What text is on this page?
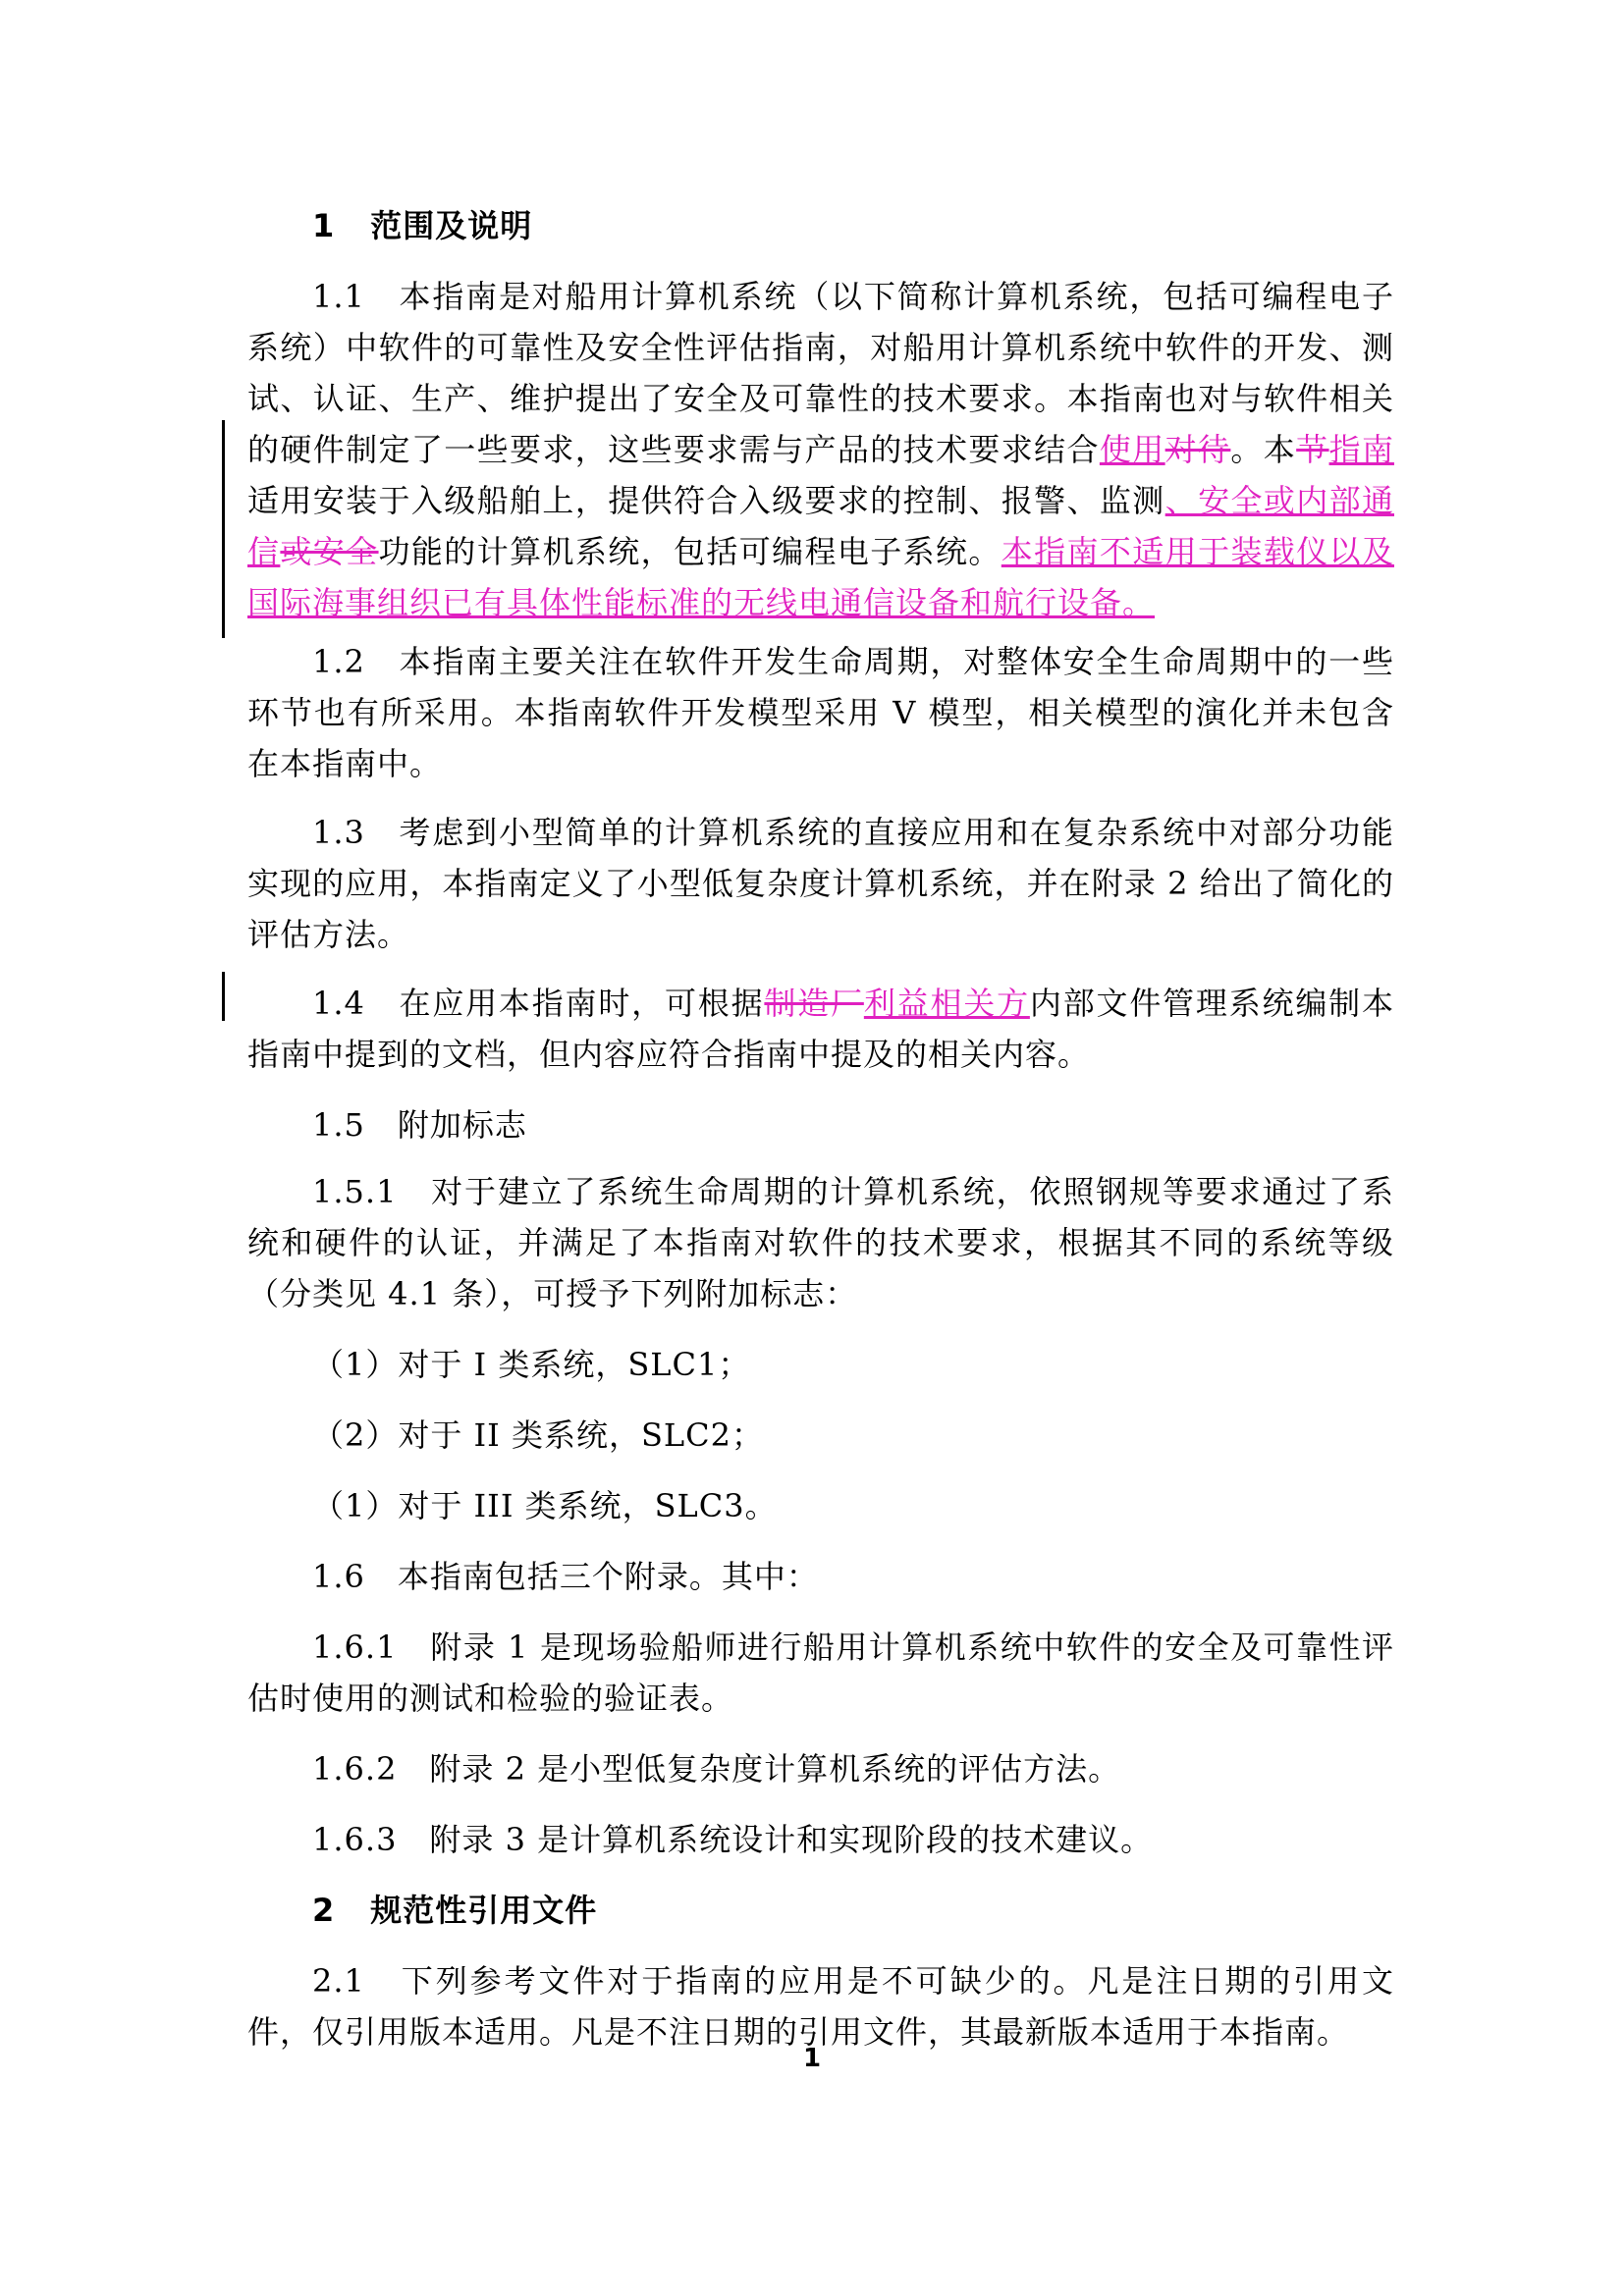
1 范围及说明
1.1　本指南是对船用计算机系统（以下简称计算机系统，包括可编程电子系统）中软件的可靠性及安全性评估指南，对船用计算机系统中软件的开发、测试、认证、生产、维护提出了安全及可靠性的技术要求。本指南也对与软件相关的硬件制定了一些要求，这些要求需与产品的技术要求结合使用对待。本节指南适用安装于入级船舶上，提供符合入级要求的控制、报警、监测、安全或内部通信或安全功能的计算机系统，包括可编程电子系统。本指南不适用于装载仪以及国际海事组织已有具体性能标准的无线电通信设备和航行设备。
1.2　本指南主要关注在软件开发生命周期，对整体安全生命周期中的一些环节也有所采用。本指南软件开发模型采用 V 模型，相关模型的演化并未包含在本指南中。
1.3　考虑到小型简单的计算机系统的直接应用和在复杂系统中对部分功能实现的应用，本指南定义了小型低复杂度计算机系统，并在附录 2 给出了简化的评估方法。
1.4　在应用本指南时，可根据制造厂利益相关方内部文件管理系统编制本指南中提到的文档，但内容应符合指南中提及的相关内容。
1.5　附加标志
1.5.1　对于建立了系统生命周期的计算机系统，依照钢规等要求通过了系统和硬件的认证，并满足了本指南对软件的技术要求，根据其不同的系统等级（分类见 4.1 条），可授予下列附加标志：
（1）对于 I 类系统，SLC1；
（2）对于 II 类系统，SLC2；
（1）对于 III 类系统，SLC3。
1.6　本指南包括三个附录。其中：
1.6.1　附录 1 是现场验船师进行船用计算机系统中软件的安全及可靠性评估时使用的测试和检验的验证表。
1.6.2　附录 2 是小型低复杂度计算机系统的评估方法。
1.6.3　附录 3 是计算机系统设计和实现阶段的技术建议。
2 规范性引用文件
2.1　下列参考文件对于指南的应用是不可缺少的。凡是注日期的引用文件，仅引用版本适用。凡是不注日期的引用文件，其最新版本适用于本指南。
1
